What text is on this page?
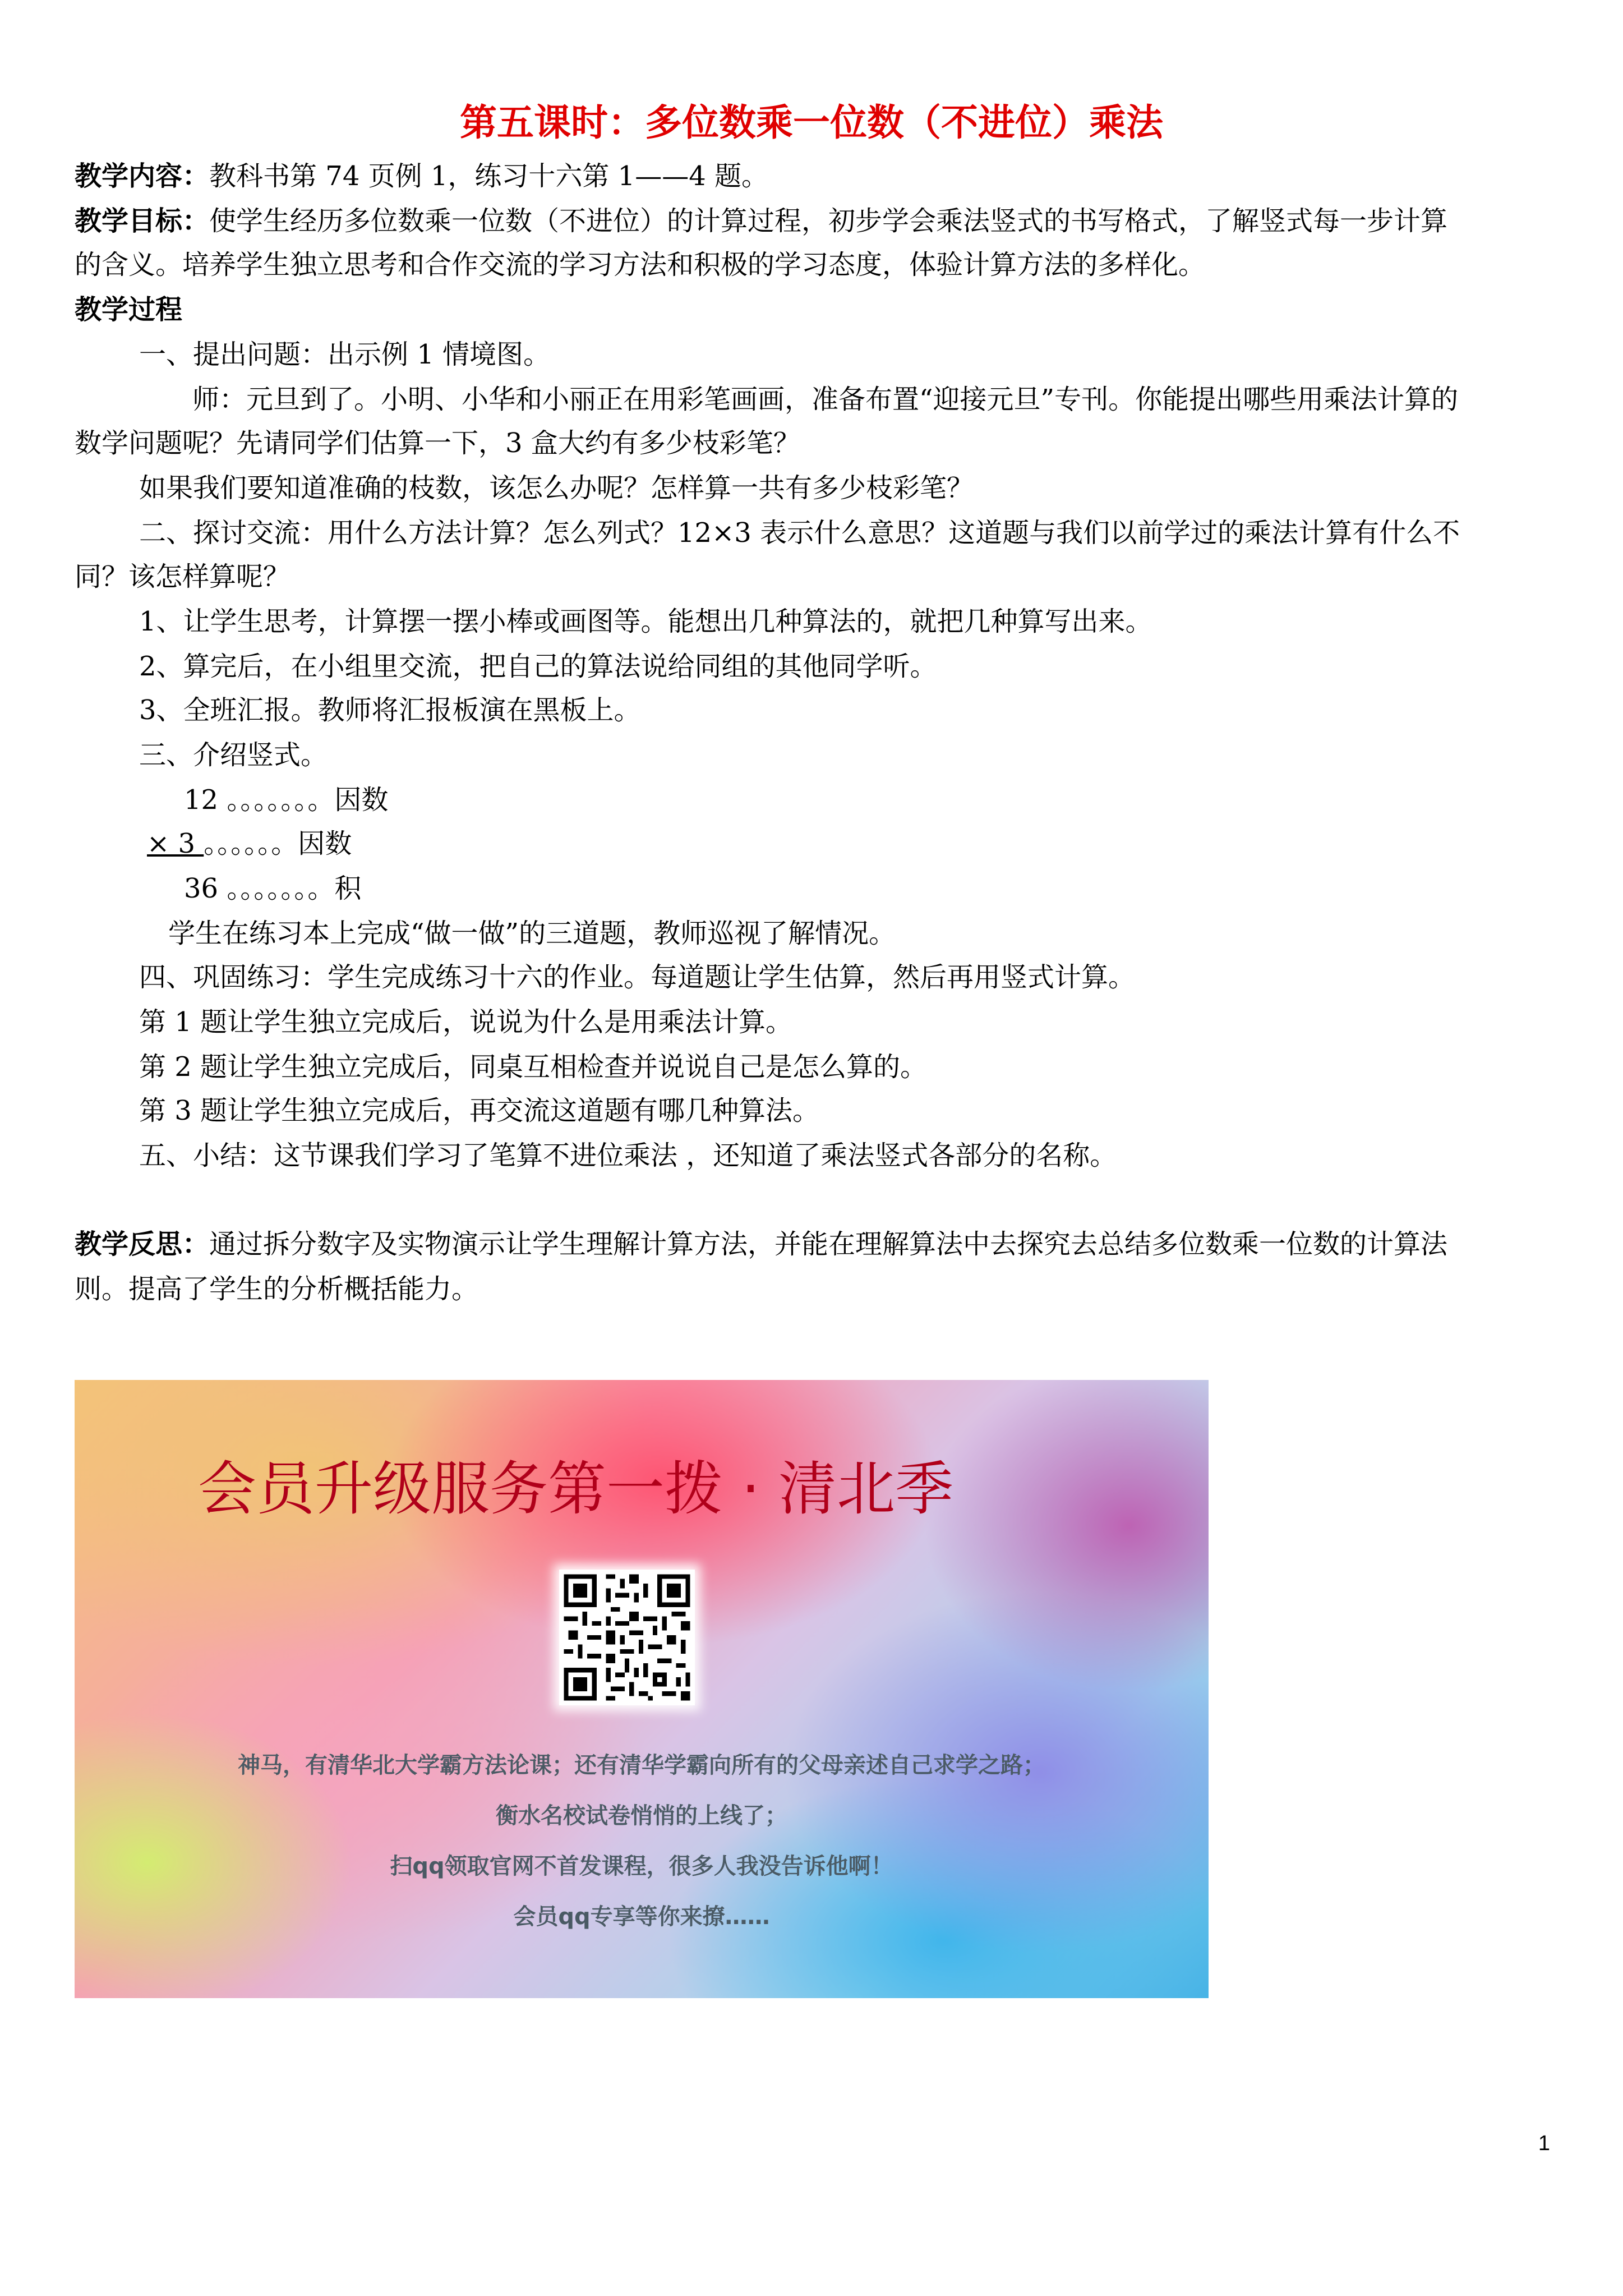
第五课时：多位数乘一位数（不进位）乘法
教学内容：教科书第 74 页例 1，练习十六第 1——4 题。
教学目标：使学生经历多位数乘一位数（不进位）的计算过程，初步学会乘法竖式的书写格式，了解竖式每一步计算
的含义。培养学生独立思考和合作交流的学习方法和积极的学习态度，体验计算方法的多样化。
教学过程
一、提出问题：出示例 1 情境图。
师：元旦到了。小明、小华和小丽正在用彩笔画画，准备布置“迎接元旦”专刊。你能提出哪些用乘法计算的
数学问题呢？先请同学们估算一下，3 盒大约有多少枝彩笔？
如果我们要知道准确的枝数，该怎么办呢？怎样算一共有多少枝彩笔？
二、探讨交流：用什么方法计算？怎么列式？12×3 表示什么意思？这道题与我们以前学过的乘法计算有什么不
同？该怎样算呢？
1、让学生思考，计算摆一摆小棒或画图等。能想出几种算法的，就把几种算写出来。
2、算完后，在小组里交流，把自己的算法说给同组的其他同学听。
3、全班汇报。教师将汇报板演在黑板上。
三、介绍竖式。
12 。。。。。。。因数
× 3 。。。。。。因数
36 。。。。。。。积
学生在练习本上完成“做一做”的三道题，教师巡视了解情况。
四、巩固练习：学生完成练习十六的作业。每道题让学生估算，然后再用竖式计算。
第 1 题让学生独立完成后，说说为什么是用乘法计算。
第 2 题让学生独立完成后，同桌互相检查并说说自己是怎么算的。
第 3 题让学生独立完成后，再交流这道题有哪几种算法。
五、小结：这节课我们学习了笔算不进位乘法 ，还知道了乘法竖式各部分的名称。
教学反思：通过拆分数字及实物演示让学生理解计算方法，并能在理解算法中去探究去总结多位数乘一位数的计算法
则。提高了学生的分析概括能力。
会员升级服务第一拨 · 清北季
神马，有清华北大学霸方法论课；还有清华学霸向所有的父母亲述自己求学之路；
衡水名校试卷悄悄的上线了；
扫qq领取官网不首发课程，很多人我没告诉他啊！
会员qq专享等你来撩……
1
